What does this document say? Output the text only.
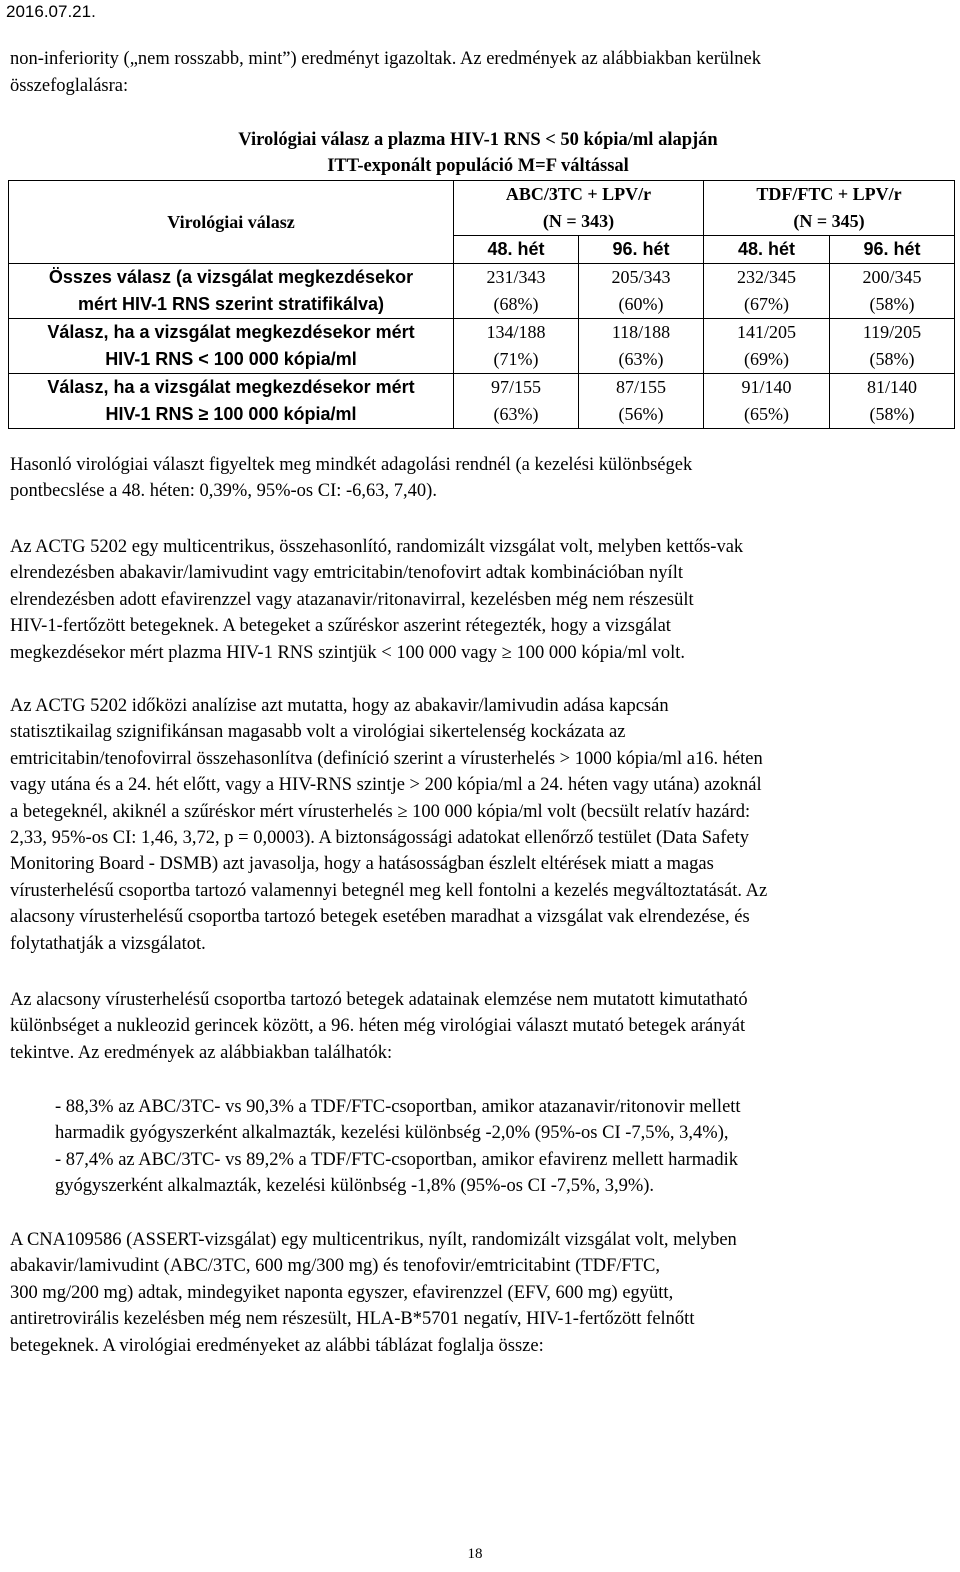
2016.07.21.
non-inferiority („nem rosszabb, mint”) eredményt igazoltak. Az eredmények az alábbiakban kerülnek
összefoglalásra:
Virológiai válasz a plazma HIV-1 RNS < 50 kópia/ml alapján
ITT-exponált populáció M=F váltással
Virológiai válasz	ABC/3TC + LPV/r
(N = 343)		TDF/FTC + LPV/r
(N = 345)	

	48. hét	96. hét	48. hét	96. hét

Összes válasz (a vizsgálat megkezdésekor
mért HIV-1 RNS szerint stratifikálva)	231/343
(68%)	205/343
(60%)	232/345
(67%)	200/345
(58%)

Válasz, ha a vizsgálat megkezdésekor mért
HIV-1 RNS < 100 000 kópia/ml	134/188
(71%)	118/188
(63%)	141/205
(69%)	119/205
(58%)

Válasz, ha a vizsgálat megkezdésekor mért
HIV-1 RNS ≥ 100 000 kópia/ml	97/155
(63%)	87/155
(56%)	91/140
(65%)	81/140
(58%)
Hasonló virológiai választ figyeltek meg mindkét adagolási rendnél (a kezelési különbségek
pontbecslése a 48. héten: 0,39%, 95%-os CI: -6,63, 7,40).
Az ACTG 5202 egy multicentrikus, összehasonlító, randomizált vizsgálat volt, melyben kettős-vak
elrendezésben abakavir/lamivudint vagy emtricitabin/tenofovirt adtak kombinációban nyílt
elrendezésben adott efavirenzzel vagy atazanavir/ritonavirral, kezelésben még nem részesült
HIV-1-fertőzött betegeknek. A betegeket a szűréskor aszerint rétegezték, hogy a vizsgálat
megkezdésekor mért plazma HIV-1 RNS szintjük < 100 000 vagy ≥ 100 000 kópia/ml volt.
Az ACTG 5202 időközi analízise azt mutatta, hogy az abakavir/lamivudin adása kapcsán
statisztikailag szignifikánsan magasabb volt a virológiai sikertelenség kockázata az
emtricitabin/tenofovirral összehasonlítva (definíció szerint a vírusterhelés > 1000 kópia/ml a16. héten
vagy utána és a 24. hét előtt, vagy a HIV-RNS szintje > 200 kópia/ml a 24. héten vagy utána) azoknál
a betegeknél, akiknél a szűréskor mért vírusterhelés ≥ 100 000 kópia/ml volt (becsült relatív hazárd:
2,33, 95%-os CI: 1,46, 3,72, p = 0,0003). A biztonságossági adatokat ellenőrző testület (Data Safety
Monitoring Board - DSMB) azt javasolja, hogy a hatásosságban észlelt eltérések miatt a magas
vírusterhelésű csoportba tartozó valamennyi betegnél meg kell fontolni a kezelés megváltoztatását. Az
alacsony vírusterhelésű csoportba tartozó betegek esetében maradhat a vizsgálat vak elrendezése, és
folytathatják a vizsgálatot.
Az alacsony vírusterhelésű csoportba tartozó betegek adatainak elemzése nem mutatott kimutatható
különbséget a nukleozid gerincek között, a 96. héten még virológiai választ mutató betegek arányát
tekintve. Az eredmények az alábbiakban találhatók:
- 88,3% az ABC/3TC- vs 90,3% a TDF/FTC-csoportban, amikor atazanavir/ritonovir mellett
harmadik gyógyszerként alkalmazták, kezelési különbség -2,0% (95%-os CI -7,5%, 3,4%),
- 87,4% az ABC/3TC- vs 89,2% a TDF/FTC-csoportban, amikor efavirenz mellett harmadik
gyógyszerként alkalmazták, kezelési különbség -1,8% (95%-os CI -7,5%, 3,9%).
A CNA109586 (ASSERT-vizsgálat) egy multicentrikus, nyílt, randomizált vizsgálat volt, melyben
abakavir/lamivudint (ABC/3TC, 600 mg/300 mg) és tenofovir/emtricitabint (TDF/FTC,
300 mg/200 mg) adtak, mindegyiket naponta egyszer, efavirenzzel (EFV, 600 mg) együtt,
antiretrovirális kezelésben még nem részesült, HLA-B*5701 negatív, HIV-1-fertőzött felnőtt
betegeknek. A virológiai eredményeket az alábbi táblázat foglalja össze:
18
